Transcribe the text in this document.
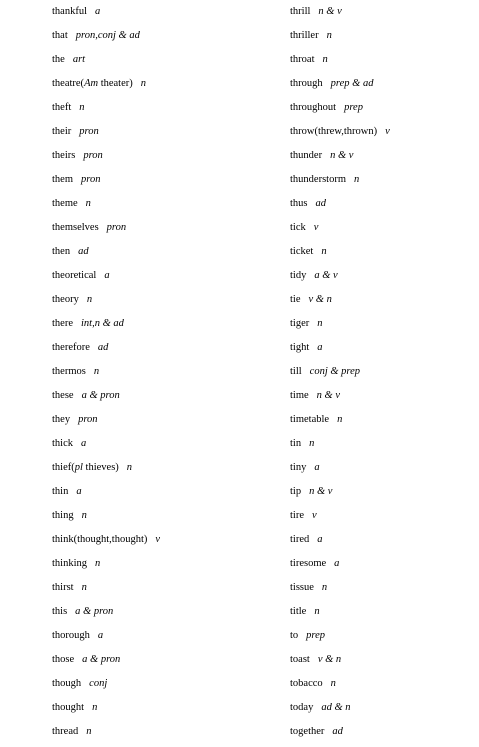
thankful a
that pron,conj & ad
the art
theatre(Am theater) n
theft n
their pron
theirs pron
them pron
theme n
themselves pron
then ad
theoretical a
theory n
there int,n & ad
therefore ad
thermos n
these a & pron
they pron
thick a
thief(pl thieves) n
thin a
thing n
think(thought,thought) v
thinking n
thirst n
this a & pron
thorough a
those a & pron
though conj
thought n
thread n
thrill n & v
thriller n
throat n
through prep & ad
throughout prep
throw(threw,thrown) v
thunder n & v
thunderstorm n
thus ad
tick v
ticket n
tidy a & v
tie v & n
tiger n
tight a
till conj & prep
time n & v
timetable n
tin n
tiny a
tip n & v
tire v
tired a
tiresome a
tissue n
title n
to prep
toast v & n
tobacco n
today ad & n
together ad
